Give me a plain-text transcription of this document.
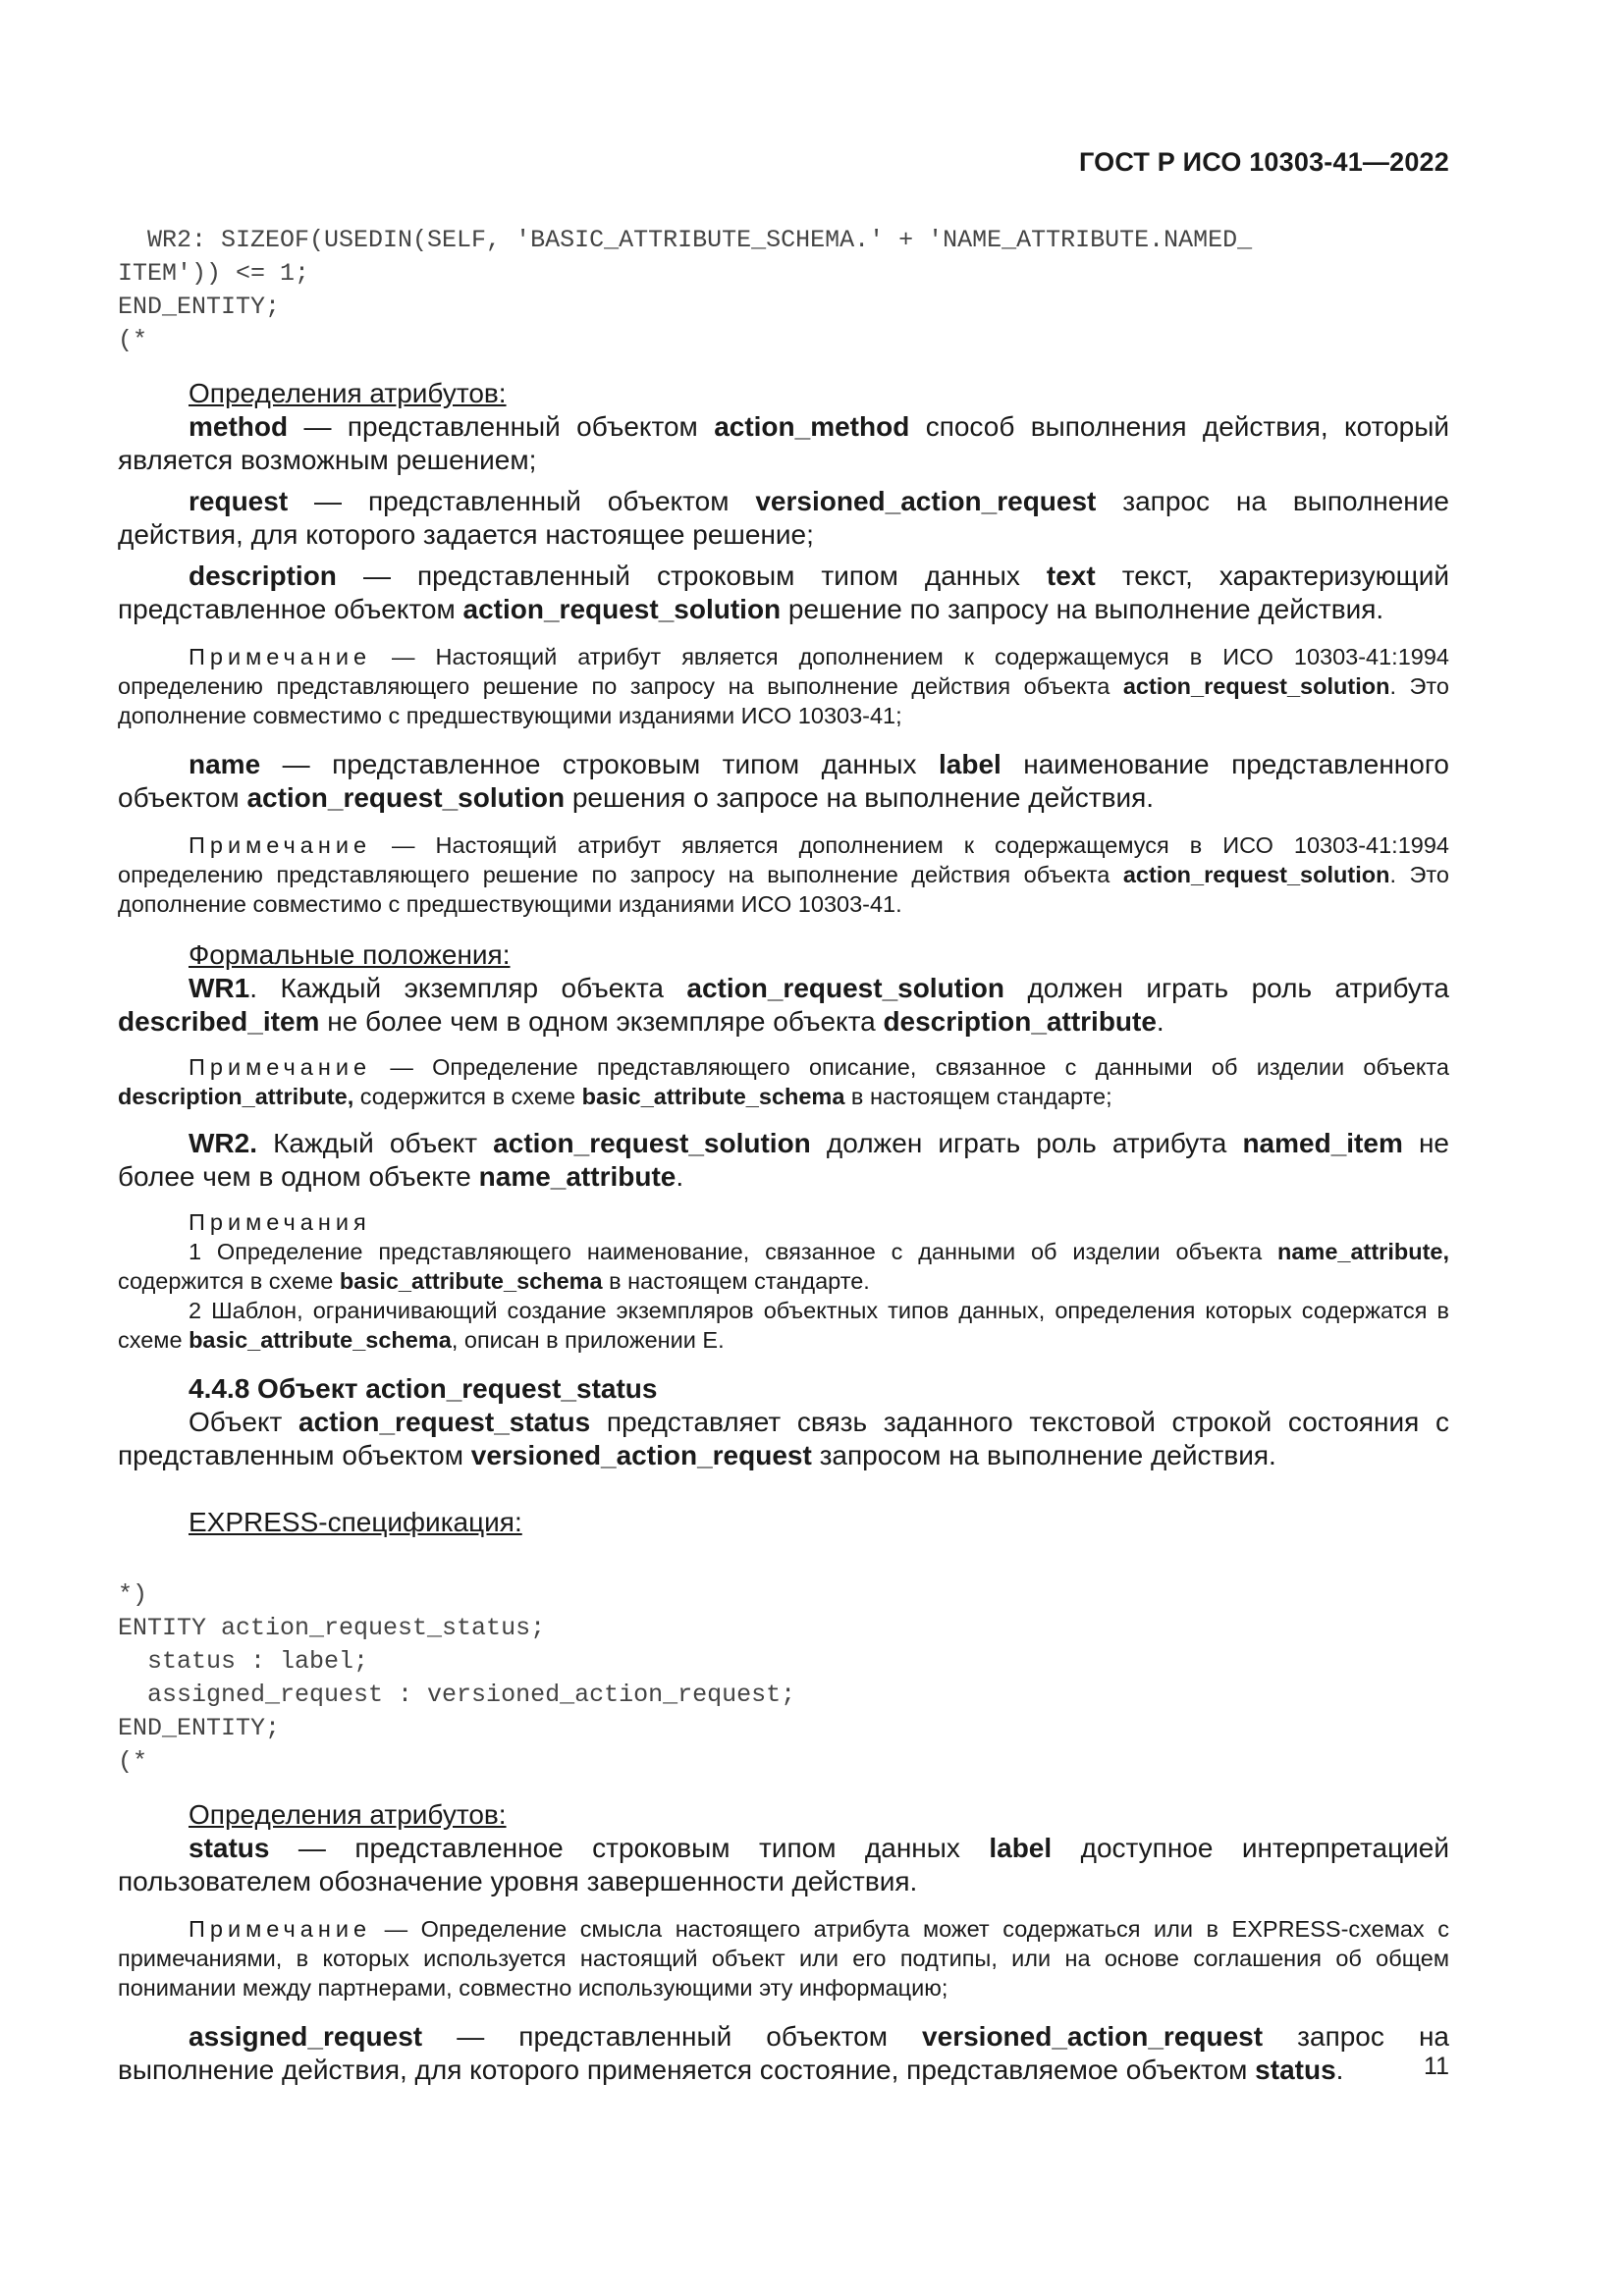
ГОСТ Р ИСО 10303-41—2022
WR2: SIZEOF(USEDIN(SELF, 'BASIC_ATTRIBUTE_SCHEMA.' + 'NAME_ATTRIBUTE.NAMED_
ITEM')) <= 1;
END_ENTITY;
(*

Определения атрибутов:

method — представленный объектом action_method способ выполнения действия, который является возможным решением;

request — представленный объектом versioned_action_request запрос на выполнение действия, для которого задается настоящее решение;

description — представленный строковым типом данных text текст, характеризующий представленное объектом action_request_solution решение по запросу на выполнение действия.

Примечание — Настоящий атрибут является дополнением к содержащемуся в ИСО 10303-41:1994 определению представляющего решение по запросу на выполнение действия объекта action_request_solution. Это дополнение совместимо с предшествующими изданиями ИСО 10303-41;

name — представленное строковым типом данных label наименование представленного объектом action_request_solution решения о запросе на выполнение действия.

Примечание — Настоящий атрибут является дополнением к содержащемуся в ИСО 10303-41:1994 определению представляющего решение по запросу на выполнение действия объекта action_request_solution. Это дополнение совместимо с предшествующими изданиями ИСО 10303-41.

Формальные положения:

WR1. Каждый экземпляр объекта action_request_solution должен играть роль атрибута described_item не более чем в одном экземпляре объекта description_attribute.

Примечание — Определение представляющего описание, связанное с данными об изделии объекта description_attribute, содержится в схеме basic_attribute_schema в настоящем стандарте;

WR2. Каждый объект action_request_solution должен играть роль атрибута named_item не более чем в одном объекте name_attribute.

Примечания

1 Определение представляющего наименование, связанное с данными об изделии объекта name_attribute, содержится в схеме basic_attribute_schema в настоящем стандарте.

2 Шаблон, ограничивающий создание экземпляров объектных типов данных, определения которых содержатся в схеме basic_attribute_schema, описан в приложении Е.

4.4.8 Объект action_request_status

Объект action_request_status представляет связь заданного текстовой строкой состояния с представленным объектом versioned_action_request запросом на выполнение действия.

EXPRESS-спецификация:

*)
ENTITY action_request_status;
status : label;
assigned_request : versioned_action_request;
END_ENTITY;
(*

Определения атрибутов:

status — представленное строковым типом данных label доступное интерпретацией пользователем обозначение уровня завершенности действия.

Примечание — Определение смысла настоящего атрибута может содержаться или в EXPRESS-схемах с примечаниями, в которых используется настоящий объект или его подтипы, или на основе соглашения об общем понимании между партнерами, совместно использующими эту информацию;

assigned_request — представленный объектом versioned_action_request запрос на выполнение действия, для которого применяется состояние, представляемое объектом status.	11
